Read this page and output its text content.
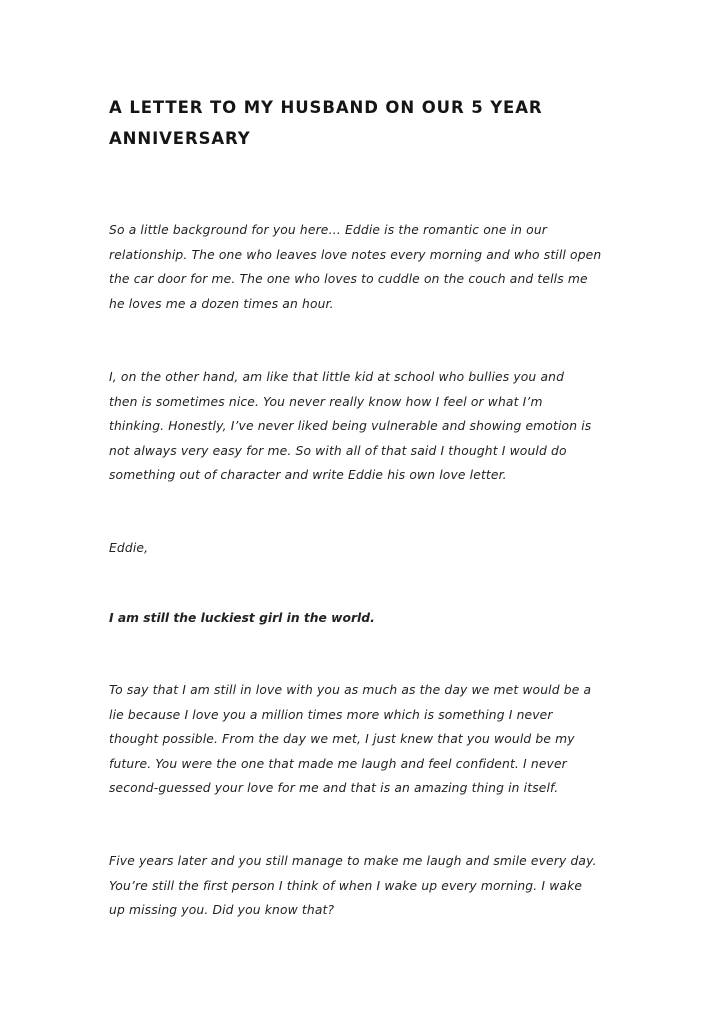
A LETTER TO MY HUSBAND ON OUR 5 YEAR
ANNIVERSARY

So a little background for you here… Eddie is the romantic one in our
relationship. The one who leaves love notes every morning and who still open
the car door for me. The one who loves to cuddle on the couch and tells me
he loves me a dozen times an hour.

I, on the other hand, am like that little kid at school who bullies you and
then is sometimes nice. You never really know how I feel or what I’m
thinking. Honestly, I’ve never liked being vulnerable and showing emotion is
not always very easy for me. So with all of that said I thought I would do
something out of character and write Eddie his own love letter.

Eddie,

I am still the luckiest girl in the world.

To say that I am still in love with you as much as the day we met would be a
lie because I love you a million times more which is something I never
thought possible. From the day we met, I just knew that you would be my
future. You were the one that made me laugh and feel confident. I never
second-guessed your love for me and that is an amazing thing in itself.

Five years later and you still manage to make me laugh and smile every day.
You’re still the first person I think of when I wake up every morning. I wake
up missing you. Did you know that?
